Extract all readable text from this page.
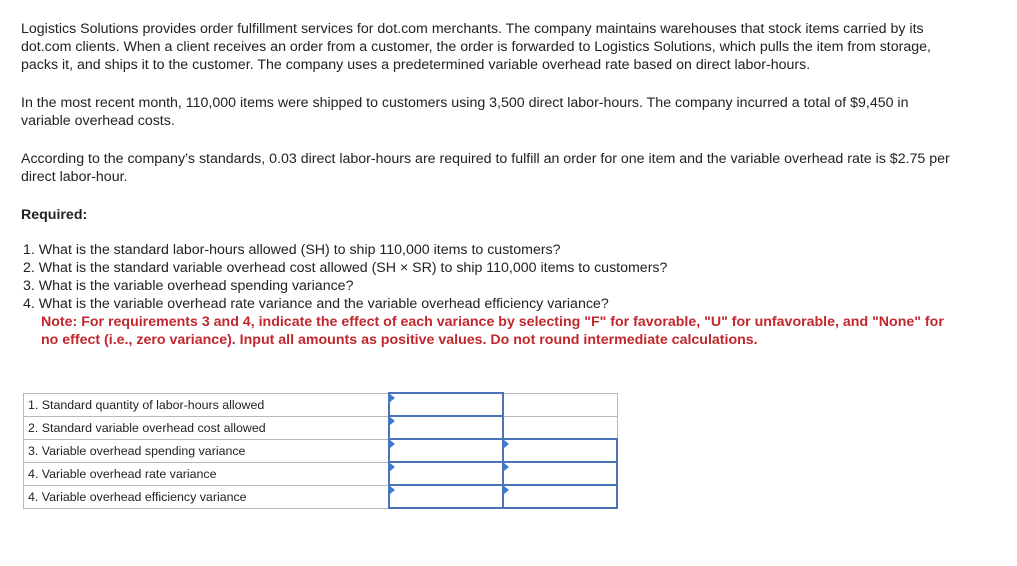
Logistics Solutions provides order fulfillment services for dot.com merchants. The company maintains warehouses that stock items carried by its dot.com clients. When a client receives an order from a customer, the order is forwarded to Logistics Solutions, which pulls the item from storage, packs it, and ships it to the customer. The company uses a predetermined variable overhead rate based on direct labor-hours.

In the most recent month, 110,000 items were shipped to customers using 3,500 direct labor-hours. The company incurred a total of $9,450 in variable overhead costs.

According to the company’s standards, 0.03 direct labor-hours are required to fulfill an order for one item and the variable overhead rate is $2.75 per direct labor-hour.

Required:

1. What is the standard labor-hours allowed (SH) to ship 110,000 items to customers?
2. What is the standard variable overhead cost allowed (SH × SR) to ship 110,000 items to customers?
3. What is the variable overhead spending variance?
4. What is the variable overhead rate variance and the variable overhead efficiency variance?

Note: For requirements 3 and 4, indicate the effect of each variance by selecting "F" for favorable, "U" for unfavorable, and "None" for no effect (i.e., zero variance). Input all amounts as positive values. Do not round intermediate calculations.

1. Standard quantity of labor-hours allowed	

2. Standard variable overhead cost allowed	

3. Variable overhead spending variance	

4. Variable overhead rate variance	

4. Variable overhead efficiency variance	
